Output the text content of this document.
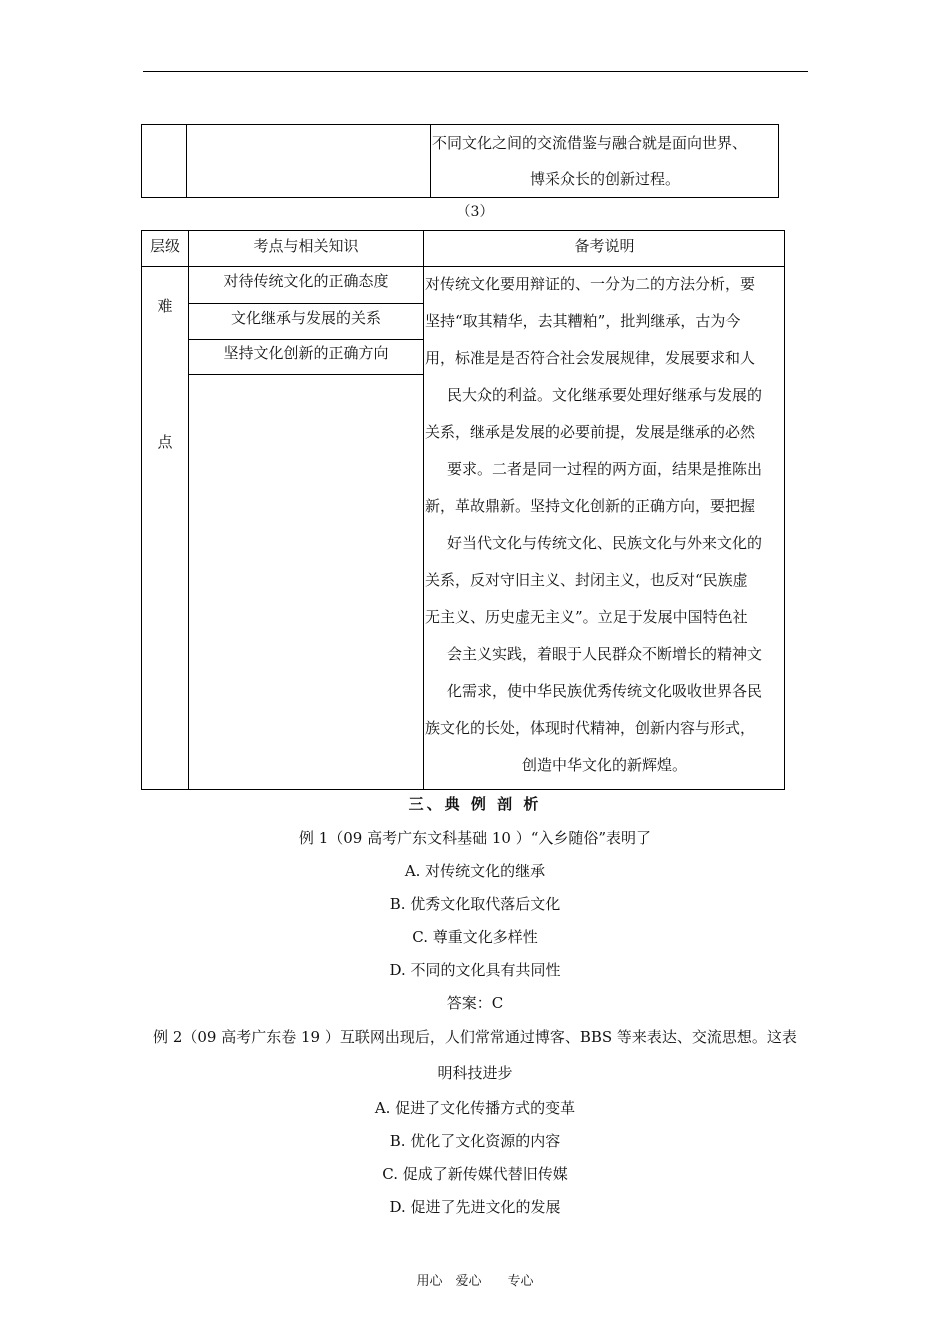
不同文化之间的交流借鉴与融合就是面向世界、
博采众长的创新过程。
（3）
层级	考点与相关知识	备考说明
难
点
对待传统文化的正确态度
文化继承与发展的关系
坚持文化创新的正确方向
对传统文化要用辩证的、一分为二的方法分析，要
坚持“取其精华，去其糟粕”，批判继承，古为今
用，标准是是否符合社会发展规律，发展要求和人
民大众的利益。文化继承要处理好继承与发展的
关系，继承是发展的必要前提，发展是继承的必然
要求。二者是同一过程的两方面，结果是推陈出
新，革故鼎新。坚持文化创新的正确方向，要把握
好当代文化与传统文化、民族文化与外来文化的
关系，反对守旧主义、封闭主义，也反对“民族虚
无主义、历史虚无主义”。立足于发展中国特色社
会主义实践，着眼于人民群众不断增长的精神文
化需求，使中华民族优秀传统文化吸收世界各民
族文化的长处，体现时代精神，创新内容与形式，
创造中华文化的新辉煌。
三、典 例 剖 析
例 1（09 高考广东文科基础 10 ）“入乡随俗”表明了
A. 对传统文化的继承
B. 优秀文化取代落后文化
C. 尊重文化多样性
D. 不同的文化具有共同性
答案：C
例 2（09 高考广东卷 19 ）互联网出现后，人们常常通过博客、BBS 等来表达、交流思想。这表
明科技进步
A. 促进了文化传播方式的变革
B. 优化了文化资源的内容
C. 促成了新传媒代替旧传媒
D. 促进了先进文化的发展
用心　爱心　　专心
